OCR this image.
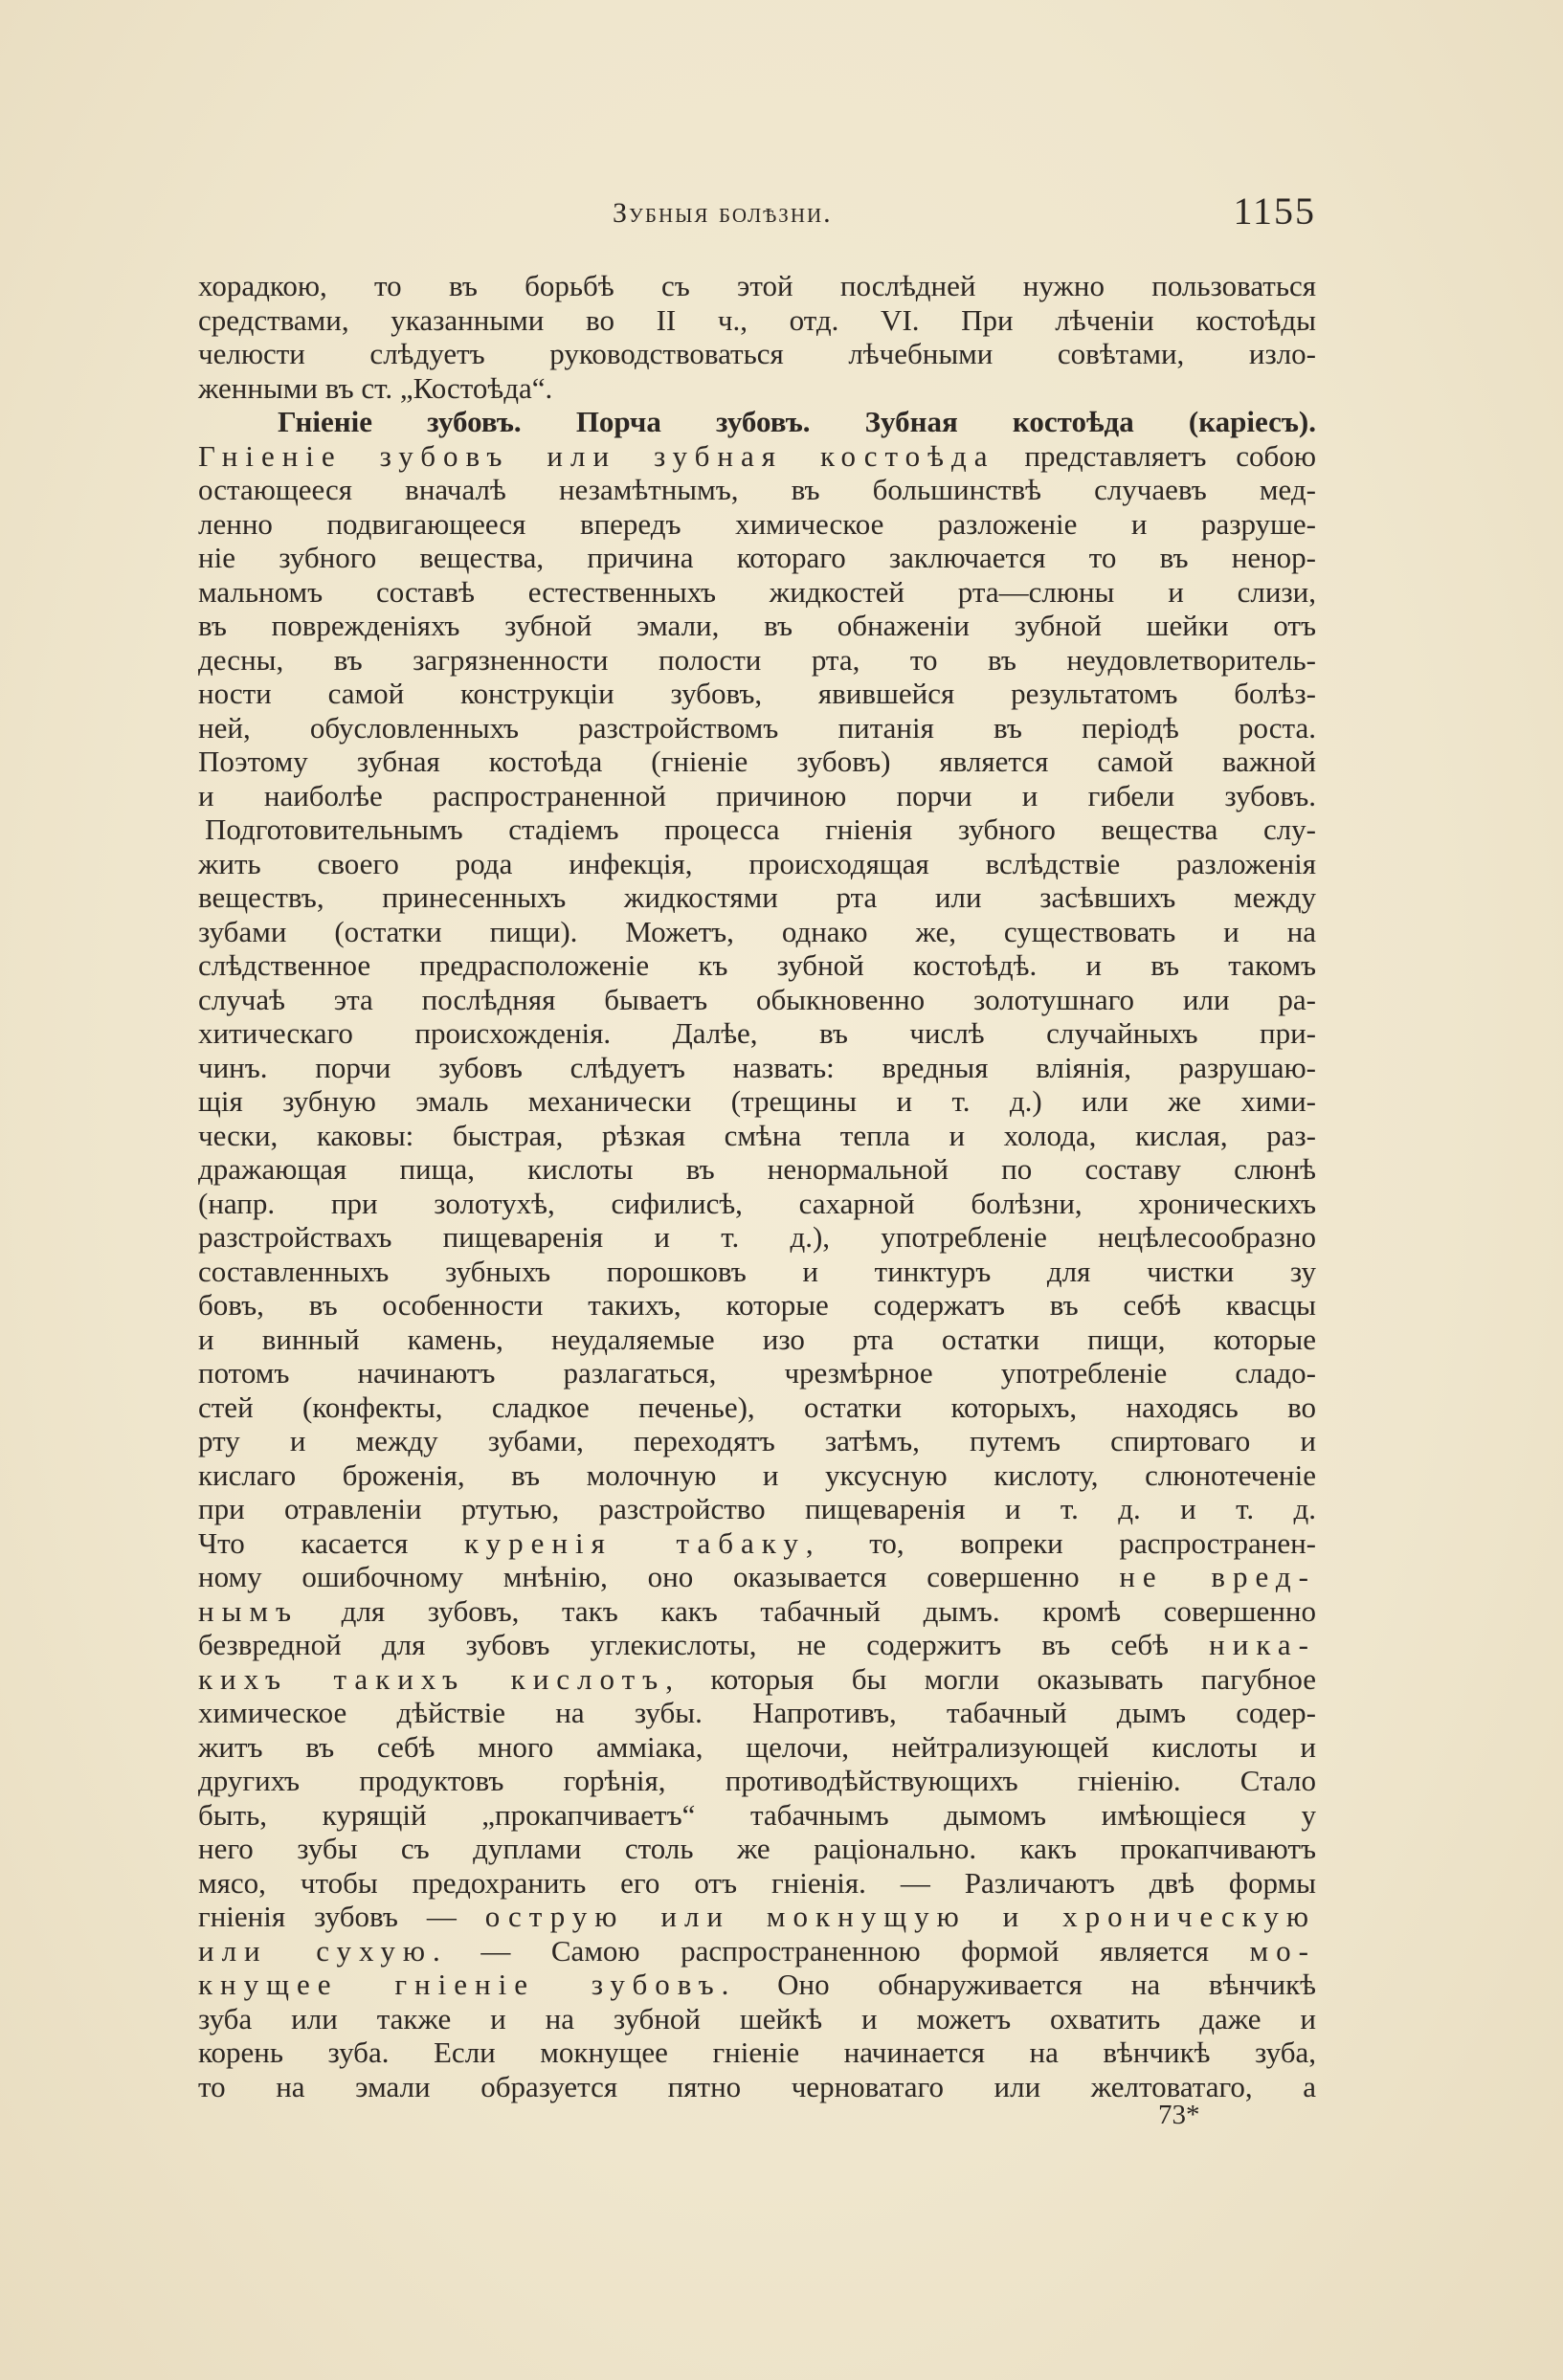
Зубныя болѣзни.	1155
хорадкою, то въ борьбѣ съ этой послѣдней нужно пользоваться
средствами, указанными во II ч., отд. VI. При лѣченіи костоѣды
челюсти слѣдуетъ руководствоваться лѣчебными совѣтами, изло-
женными въ ст. „Костоѣда“.
Гніеніе зубовъ. Порча зубовъ. Зубная костоѣда (каріесъ).
Гніеніе зубовъ или зубная костоѣда представляетъ собою
остающееся вначалѣ незамѣтнымъ, въ большинствѣ случаевъ мед-
ленно подвигающееся впередъ химическое разложеніе и разруше-
ніе зубного вещества, причина котораго заключается то въ ненор-
мальномъ составѣ естественныхъ жидкостей рта—слюны и слизи,
въ поврежденіяхъ зубной эмали, въ обнаженіи зубной шейки отъ
десны, въ загрязненности полости рта, то въ неудовлетворитель-
ности самой конструкціи зубовъ, явившейся результатомъ болѣз-
ней, обусловленныхъ разстройствомъ питанія въ періодѣ роста.
Поэтому зубная костоѣда (гніеніе зубовъ) является самой важной
и наиболѣе распространенной причиною порчи и гибели зубовъ.
Подготовительнымъ стадіемъ процесса гніенія зубного вещества слу-
жить своего рода инфекція, происходящая вслѣдствіе разложенія
веществъ, принесенныхъ жидкостями рта или засѣвшихъ между
зубами (остатки пищи). Можетъ, однако же, существовать и на
слѣдственное предрасположеніе къ зубной костоѣдѣ. и въ такомъ
случаѣ эта послѣдняя бываетъ обыкновенно золотушнаго или ра-
хитическаго происхожденія. Далѣе, въ числѣ случайныхъ при-
чинъ. порчи зубовъ слѣдуетъ назвать: вредныя вліянія, разрушаю-
щія зубную эмаль механически (трещины и т. д.) или же хими-
чески, каковы: быстрая, рѣзкая смѣна тепла и холода, кислая, раз-
дражающая пища, кислоты въ ненормальной по составу слюнѣ
(напр. при золотухѣ, сифилисѣ, сахарной болѣзни, хроническихъ
разстройствахъ пищеваренія и т. д.), употребленіе нецѣлесообразно
составленныхъ зубныхъ порошковъ и тинктуръ для чистки зу
бовъ, въ особенности такихъ, которые содержатъ въ себѣ квасцы
и винный камень, неудаляемые изо рта остатки пищи, которые
потомъ начинаютъ разлагаться, чрезмѣрное употребленіе сладо-
стей (конфекты, сладкое печенье), остатки которыхъ, находясь во
рту и между зубами, переходятъ затѣмъ, путемъ спиртоваго и
кислаго броженія, въ молочную и уксусную кислоту, слюнотеченіе
при отравленіи ртутью, разстройство пищеваренія и т. д. и т. д.
Что касается куренія табаку, то, вопреки распространен-
ному ошибочному мнѣнію, оно оказывается совершенно не вред-
нымъ для зубовъ, такъ какъ табачный дымъ. кромѣ совершенно
безвредной для зубовъ углекислоты, не содержитъ въ себѣ ника-
кихъ такихъ кислотъ, которыя бы могли оказывать пагубное
химическое дѣйствіе на зубы. Напротивъ, табачный дымъ содер-
житъ въ себѣ много амміака, щелочи, нейтрализующей кислоты и
другихъ продуктовъ горѣнія, противодѣйствующихъ гніенію. Стало
быть, курящій „прокапчиваетъ“ табачнымъ дымомъ имѣющіеся у
него зубы съ дуплами столь же раціонально. какъ прокапчиваютъ
мясо, чтобы предохранить его отъ гніенія. — Различаютъ двѣ формы
гніенія зубовъ — острую или мокнущую и хроническую
или сухую. — Самою распространенною формой является мо-
кнущее гніеніе зубовъ. Оно обнаруживается на вѣнчикѣ
зуба или также и на зубной шейкѣ и можетъ охватить даже и
корень зуба. Если мокнущее гніеніе начинается на вѣнчикѣ зуба,
то на эмали образуется пятно черноватаго или желтоватаго, а
73*
